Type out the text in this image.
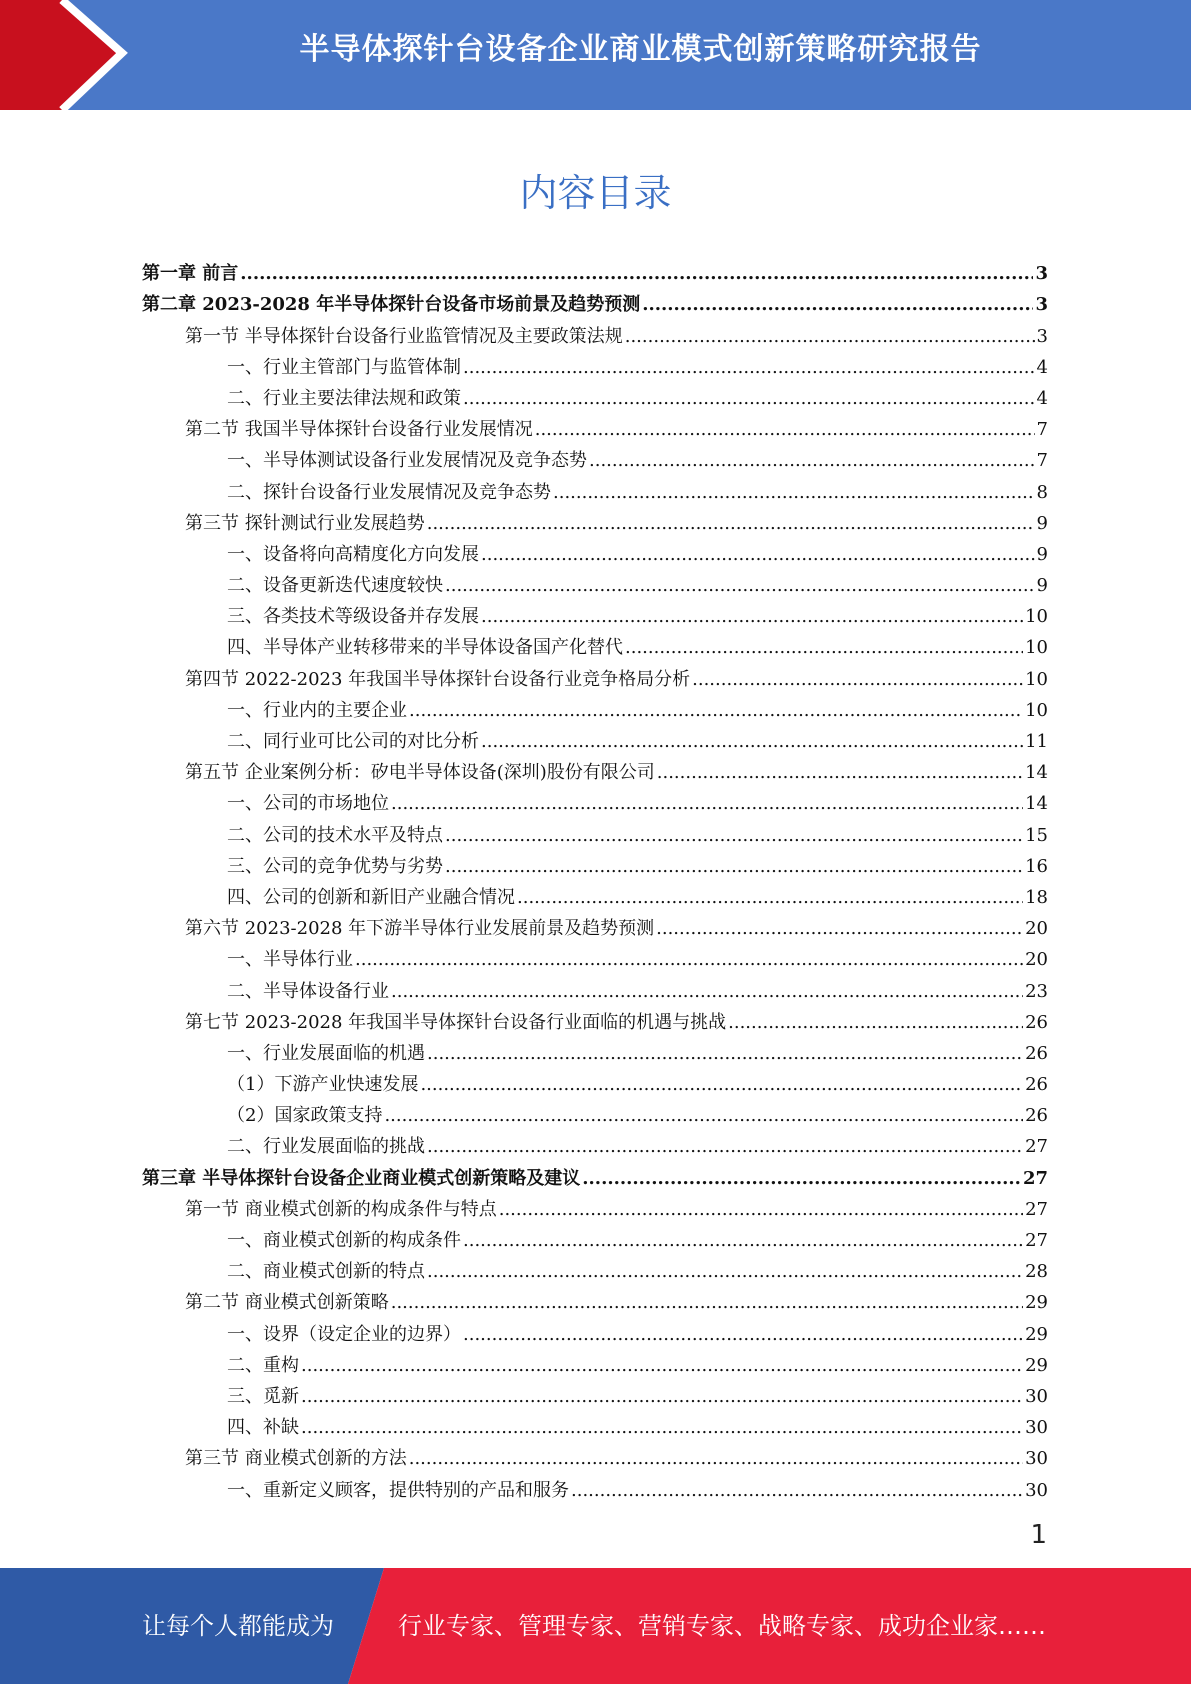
半导体探针台设备企业商业模式创新策略研究报告
内容目录
第一章 前言 .....	3
第二章 2023-2028 年半导体探针台设备市场前景及趋势预测 .....	3
第一节 半导体探针台设备行业监管情况及主要政策法规 .....	3
一、行业主管部门与监管体制 .....	4
二、行业主要法律法规和政策 .....	4
第二节 我国半导体探针台设备行业发展情况 .....	7
一、半导体测试设备行业发展情况及竞争态势 .....	7
二、探针台设备行业发展情况及竞争态势 .....	8
第三节 探针测试行业发展趋势 .....	9
一、设备将向高精度化方向发展 .....	9
二、设备更新迭代速度较快 .....	9
三、各类技术等级设备并存发展 .....	10
四、半导体产业转移带来的半导体设备国产化替代 .....	10
第四节 2022-2023 年我国半导体探针台设备行业竞争格局分析 .....	10
一、行业内的主要企业 .....	10
二、同行业可比公司的对比分析 .....	11
第五节 企业案例分析：矽电半导体设备(深圳)股份有限公司 .....	14
一、公司的市场地位 .....	14
二、公司的技术水平及特点 .....	15
三、公司的竞争优势与劣势 .....	16
四、公司的创新和新旧产业融合情况 .....	18
第六节 2023-2028 年下游半导体行业发展前景及趋势预测 .....	20
一、半导体行业 .....	20
二、半导体设备行业 .....	23
第七节 2023-2028 年我国半导体探针台设备行业面临的机遇与挑战 .....	26
一、行业发展面临的机遇 .....	26
（1）下游产业快速发展 .....	26
（2）国家政策支持 .....	26
二、行业发展面临的挑战 .....	27
第三章 半导体探针台设备企业商业模式创新策略及建议 .....	27
第一节 商业模式创新的构成条件与特点 .....	27
一、商业模式创新的构成条件 .....	27
二、商业模式创新的特点 .....	28
第二节 商业模式创新策略 .....	29
一、设界（设定企业的边界） .....	29
二、重构 .....	29
三、觅新 .....	30
四、补缺 .....	30
第三节 商业模式创新的方法 .....	30
一、重新定义顾客，提供特别的产品和服务 .....	30
1
让每个人都能成为	行业专家、管理专家、营销专家、战略专家、成功企业家……
